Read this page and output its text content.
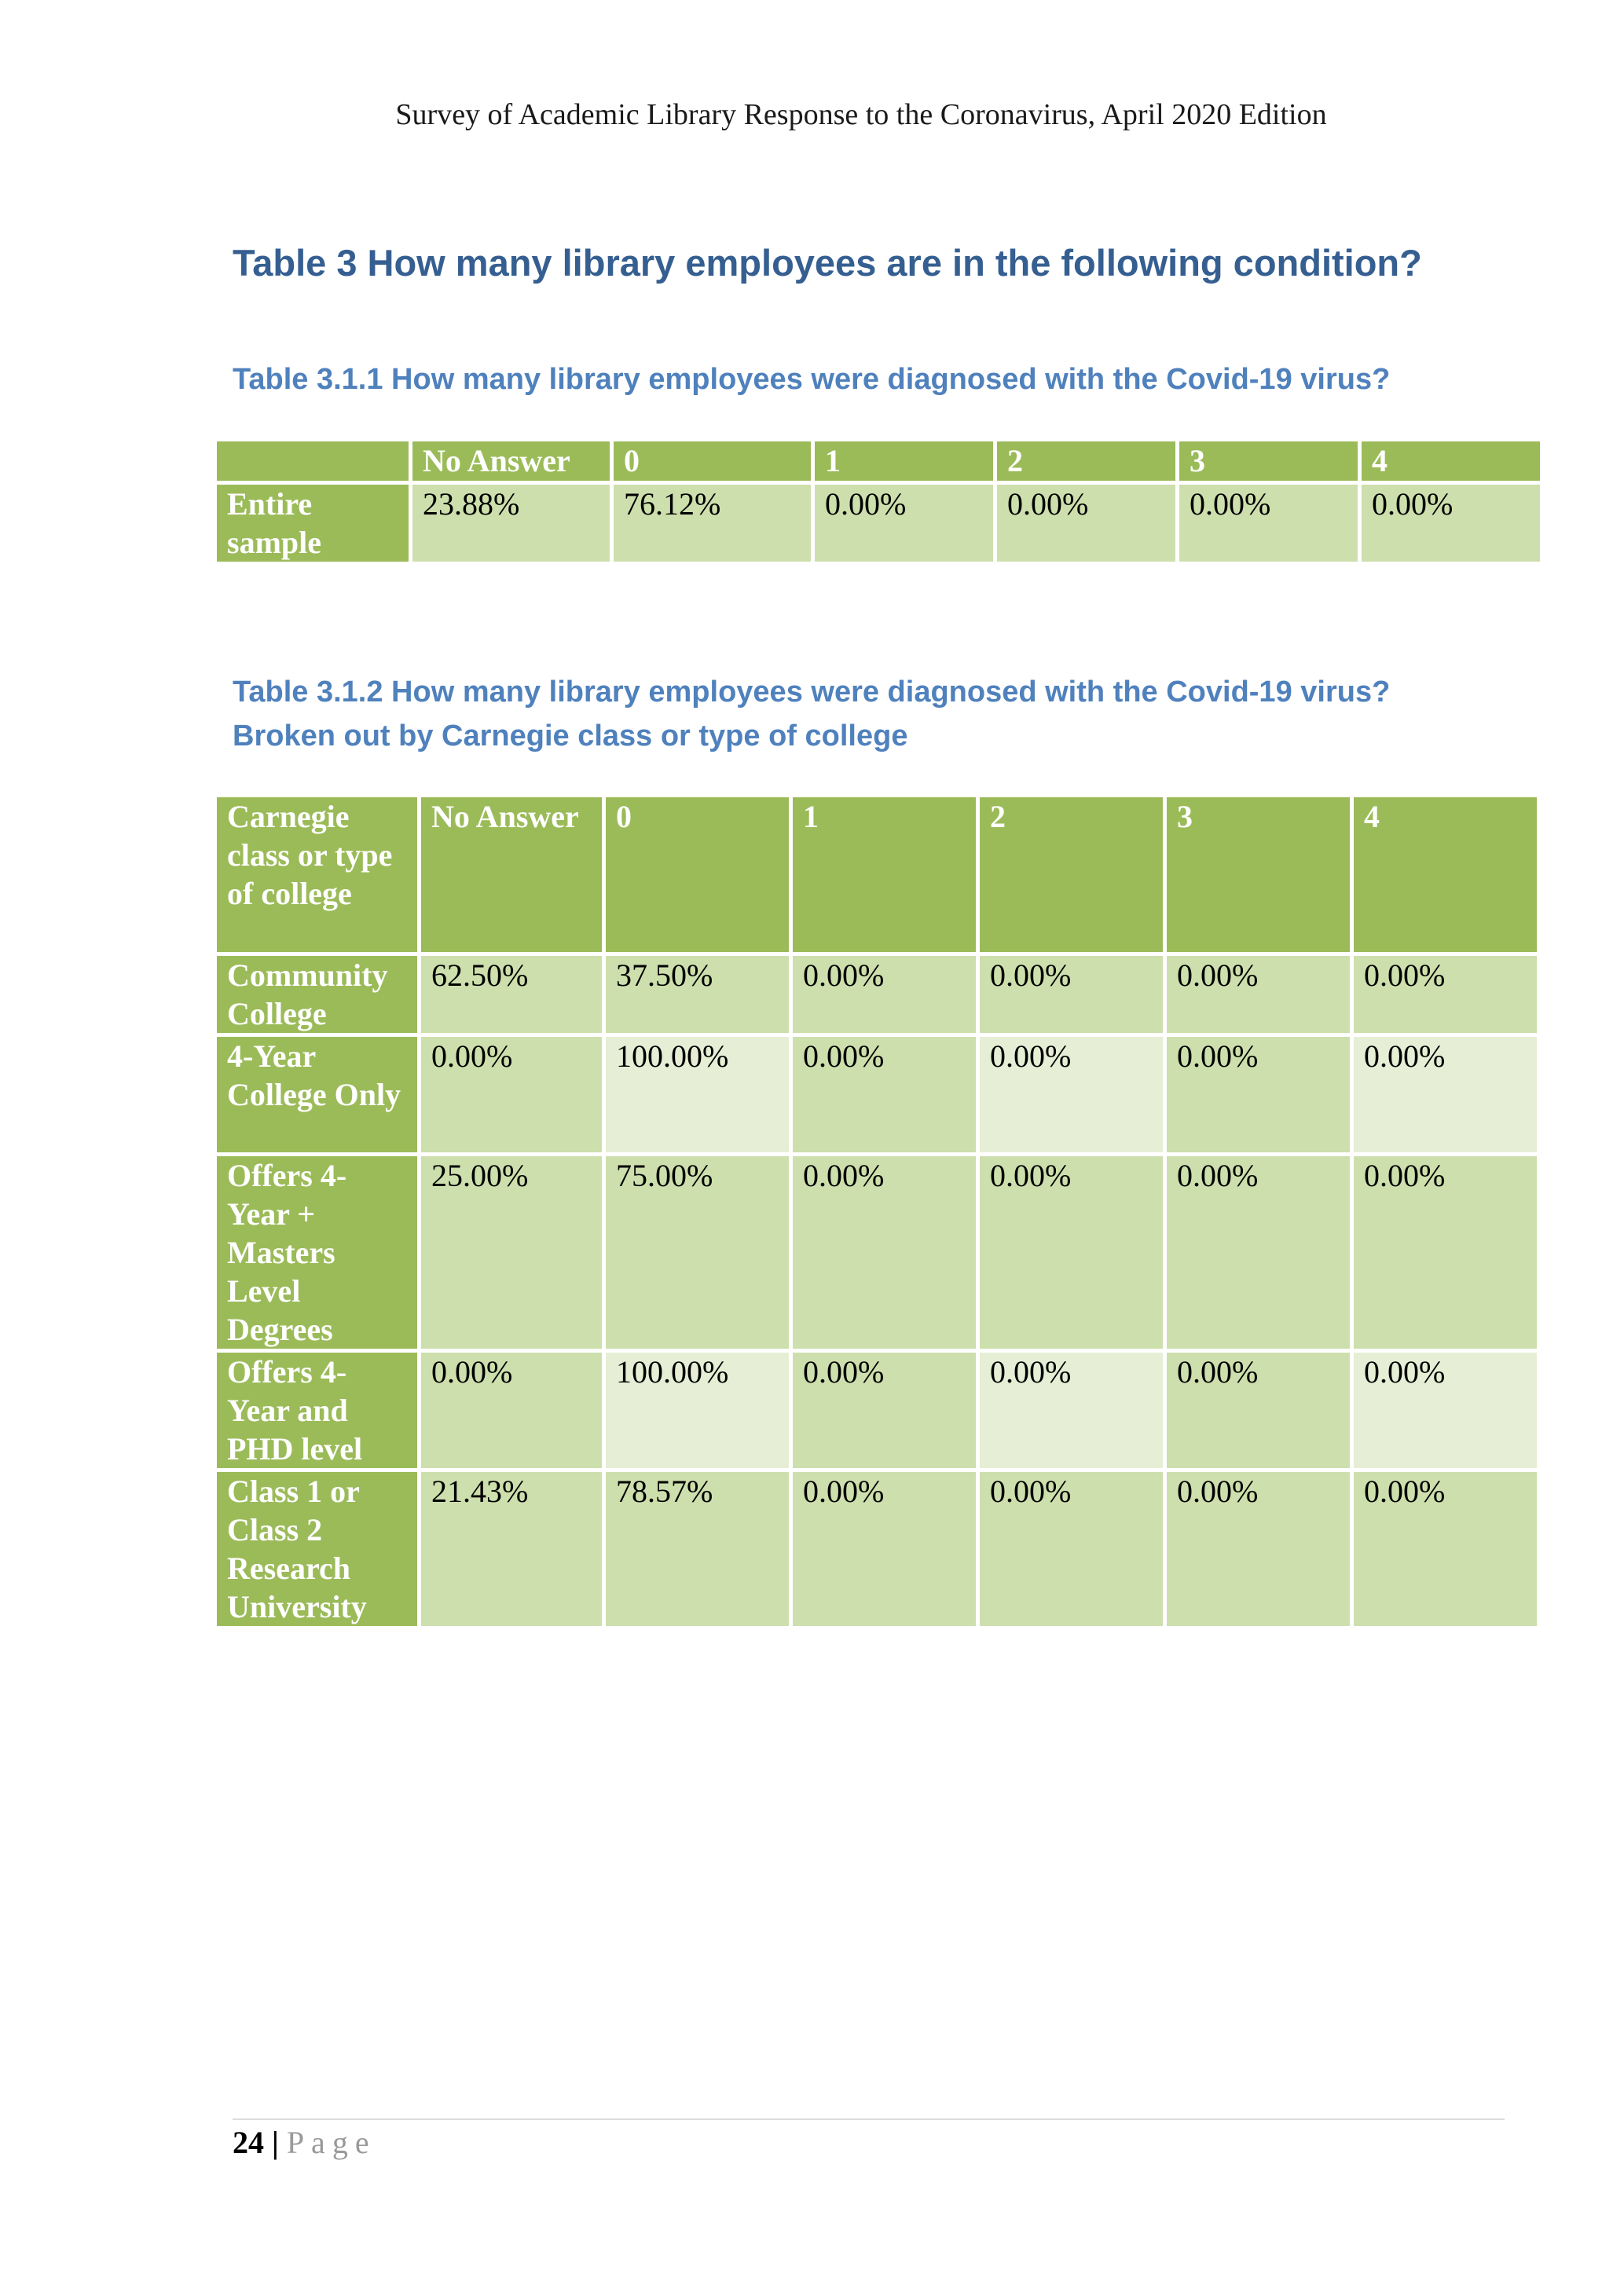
Survey of Academic Library Response to the Coronavirus, April 2020 Edition
Table 3 How many library employees are in the following condition?
Table 3.1.1 How many library employees were diagnosed with the Covid-19 virus?
	No Answer	0	1	2	3	4
Entire sample	23.88%	76.12%	0.00%	0.00%	0.00%	0.00%
Table 3.1.2 How many library employees were diagnosed with the Covid-19 virus?
Broken out by Carnegie class or type of college
Carnegie class or type of college	No Answer	0	1	2	3	4
Community College	62.50%	37.50%	0.00%	0.00%	0.00%	0.00%
4-Year College Only	0.00%	100.00%	0.00%	0.00%	0.00%	0.00%
Offers 4-Year + Masters Level Degrees	25.00%	75.00%	0.00%	0.00%	0.00%	0.00%
Offers 4-Year and PHD level	0.00%	100.00%	0.00%	0.00%	0.00%	0.00%
Class 1 or Class 2 Research University	21.43%	78.57%	0.00%	0.00%	0.00%	0.00%
24 | Page
